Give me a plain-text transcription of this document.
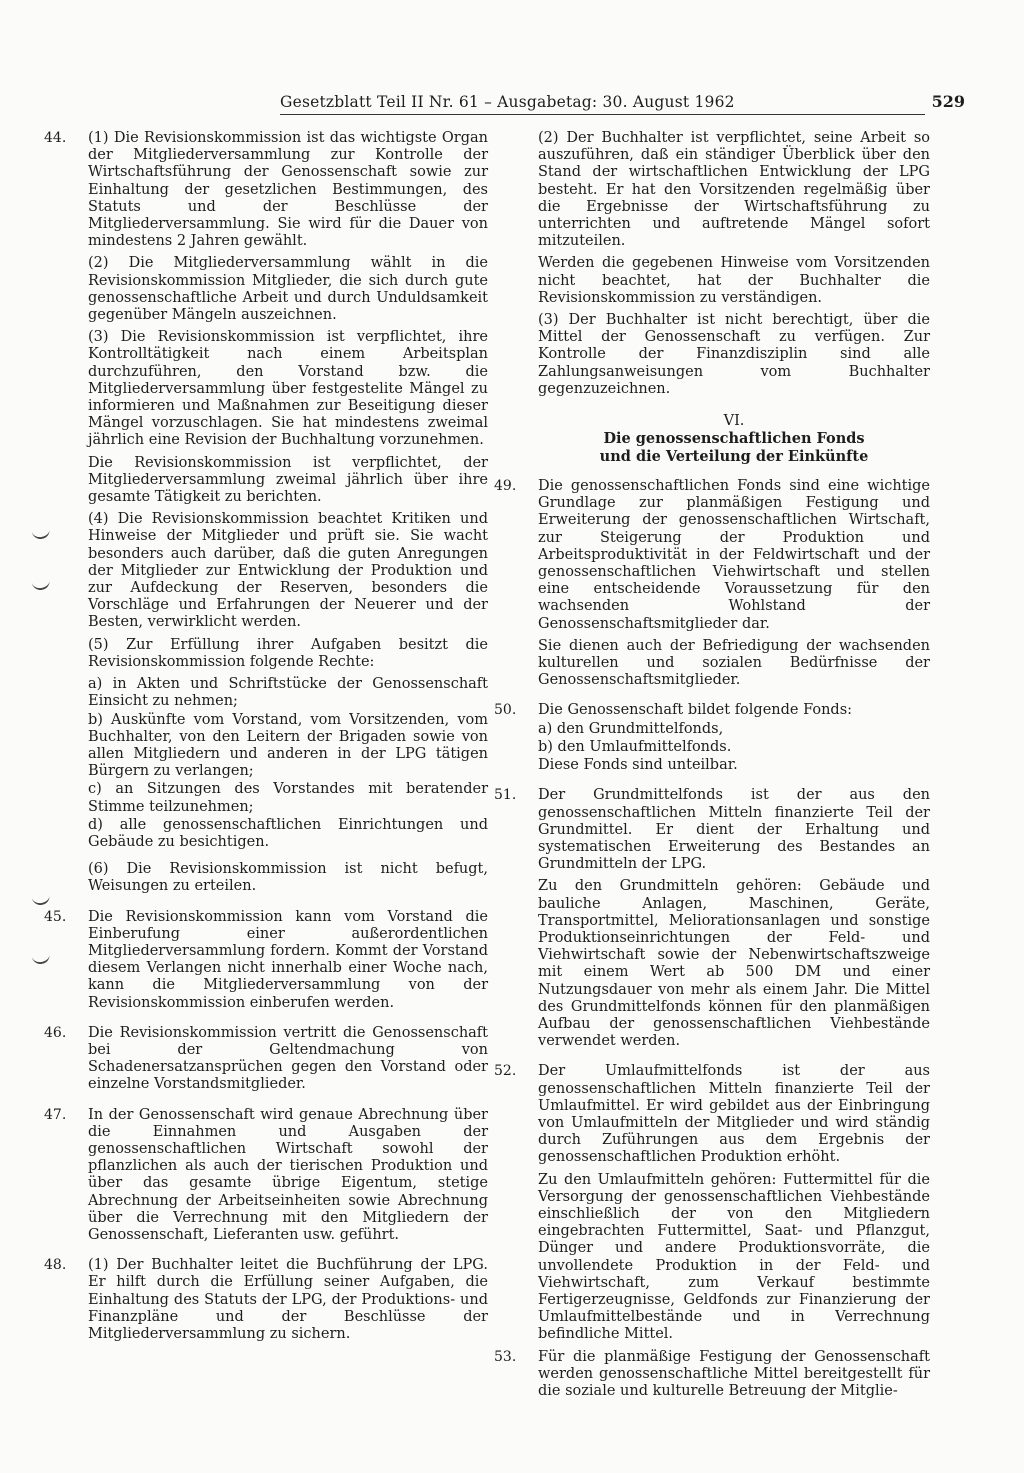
Gesetzblatt Teil II Nr. 61 – Ausgabetag: 30. August 1962	529
44. (1) Die Revisionskommission ist das wichtigste Organ der Mitgliederversammlung zur Kontrolle der Wirtschaftsführung der Genossenschaft sowie zur Einhaltung der gesetzlichen Bestimmungen, des Statuts und der Beschlüsse der Mitgliederversammlung. Sie wird für die Dauer von mindestens 2 Jahren gewählt.

(2) Die Mitgliederversammlung wählt in die Revisionskommission Mitglieder, die sich durch gute genossenschaftliche Arbeit und durch Unduldsamkeit gegenüber Mängeln auszeichnen.

(3) Die Revisionskommission ist verpflichtet, ihre Kontrolltätigkeit nach einem Arbeitsplan durchzuführen, den Vorstand bzw. die Mitgliederversammlung über festgestelite Mängel zu informieren und Maßnahmen zur Beseitigung dieser Mängel vorzuschlagen. Sie hat mindestens zweimal jährlich eine Revision der Buchhaltung vorzunehmen.

Die Revisionskommission ist verpflichtet, der Mitgliederversammlung zweimal jährlich über ihre gesamte Tätigkeit zu berichten.

(4) Die Revisionskommission beachtet Kritiken und Hinweise der Mitglieder und prüft sie. Sie wacht besonders auch darüber, daß die guten Anregungen der Mitglieder zur Entwicklung der Produktion und zur Aufdeckung der Reserven, besonders die Vorschläge und Erfahrungen der Neuerer und der Besten, verwirklicht werden.

(5) Zur Erfüllung ihrer Aufgaben besitzt die Revisionskommission folgende Rechte:

a) in Akten und Schriftstücke der Genossenschaft Einsicht zu nehmen;

b) Auskünfte vom Vorstand, vom Vorsitzenden, vom Buchhalter, von den Leitern der Brigaden sowie von allen Mitgliedern und anderen in der LPG tätigen Bürgern zu verlangen;

c) an Sitzungen des Vorstandes mit beratender Stimme teilzunehmen;

d) alle genossenschaftlichen Einrichtungen und Gebäude zu besichtigen.

(6) Die Revisionskommission ist nicht befugt, Weisungen zu erteilen.

45. Die Revisionskommission kann vom Vorstand die Einberufung einer außerordentlichen Mitgliederversammlung fordern. Kommt der Vorstand diesem Verlangen nicht innerhalb einer Woche nach, kann die Mitgliederversammlung von der Revisionskommission einberufen werden.

46. Die Revisionskommission vertritt die Genossenschaft bei der Geltendmachung von Schadenersatzansprüchen gegen den Vorstand oder einzelne Vorstandsmitglieder.

47. In der Genossenschaft wird genaue Abrechnung über die Einnahmen und Ausgaben der genossenschaftlichen Wirtschaft sowohl der pflanzlichen als auch der tierischen Produktion und über das gesamte übrige Eigentum, stetige Abrechnung der Arbeitseinheiten sowie Abrechnung über die Verrechnung mit den Mitgliedern der Genossenschaft, Lieferanten usw. geführt.

48. (1) Der Buchhalter leitet die Buchführung der LPG. Er hilft durch die Erfüllung seiner Aufgaben, die Einhaltung des Statuts der LPG, der Produktions- und Finanzpläne und der Beschlüsse der Mitgliederversammlung zu sichern.

(2) Der Buchhalter ist verpflichtet, seine Arbeit so auszuführen, daß ein ständiger Überblick über den Stand der wirtschaftlichen Entwicklung der LPG besteht. Er hat den Vorsitzenden regelmäßig über die Ergebnisse der Wirtschaftsführung zu unterrichten und auftretende Mängel sofort mitzuteilen.

Werden die gegebenen Hinweise vom Vorsitzenden nicht beachtet, hat der Buchhalter die Revisionskommission zu verständigen.

(3) Der Buchhalter ist nicht berechtigt, über die Mittel der Genossenschaft zu verfügen. Zur Kontrolle der Finanzdisziplin sind alle Zahlungsanweisungen vom Buchhalter gegenzuzeichnen.

VI.
Die genossenschaftlichen Fonds
und die Verteilung der Einkünfte
49. Die genossenschaftlichen Fonds sind eine wichtige Grundlage zur planmäßigen Festigung und Erweiterung der genossenschaftlichen Wirtschaft, zur Steigerung der Produktion und Arbeitsproduktivität in der Feldwirtschaft und der genossenschaftlichen Viehwirtschaft und stellen eine entscheidende Voraussetzung für den wachsenden Wohlstand der Genossenschaftsmitglieder dar.

Sie dienen auch der Befriedigung der wachsenden kulturellen und sozialen Bedürfnisse der Genossenschaftsmitglieder.

50. Die Genossenschaft bildet folgende Fonds:

a) den Grundmittelfonds,

b) den Umlaufmittelfonds.

Diese Fonds sind unteilbar.

51. Der Grundmittelfonds ist der aus den genossenschaftlichen Mitteln finanzierte Teil der Grundmittel. Er dient der Erhaltung und systematischen Erweiterung des Bestandes an Grundmitteln der LPG.

Zu den Grundmitteln gehören: Gebäude und bauliche Anlagen, Maschinen, Geräte, Transportmittel, Meliorationsanlagen und sonstige Produktionseinrichtungen der Feld- und Viehwirtschaft sowie der Nebenwirtschaftszweige mit einem Wert ab 500 DM und einer Nutzungsdauer von mehr als einem Jahr. Die Mittel des Grundmittelfonds können für den planmäßigen Aufbau der genossenschaftlichen Viehbestände verwendet werden.

52. Der Umlaufmittelfonds ist der aus genossenschaftlichen Mitteln finanzierte Teil der Umlaufmittel. Er wird gebildet aus der Einbringung von Umlaufmitteln der Mitglieder und wird ständig durch Zuführungen aus dem Ergebnis der genossenschaftlichen Produktion erhöht.

Zu den Umlaufmitteln gehören: Futtermittel für die Versorgung der genossenschaftlichen Viehbestände einschließlich der von den Mitgliedern eingebrachten Futtermittel, Saat- und Pflanzgut, Dünger und andere Produktionsvorräte, die unvollendete Produktion in der Feld- und Viehwirtschaft, zum Verkauf bestimmte Fertigerzeugnisse, Geldfonds zur Finanzierung der Umlaufmittelbestände und in Verrechnung befindliche Mittel.

53. Für die planmäßige Festigung der Genossenschaft werden genossenschaftliche Mittel bereitgestellt für die soziale und kulturelle Betreuung der Mitglie-
